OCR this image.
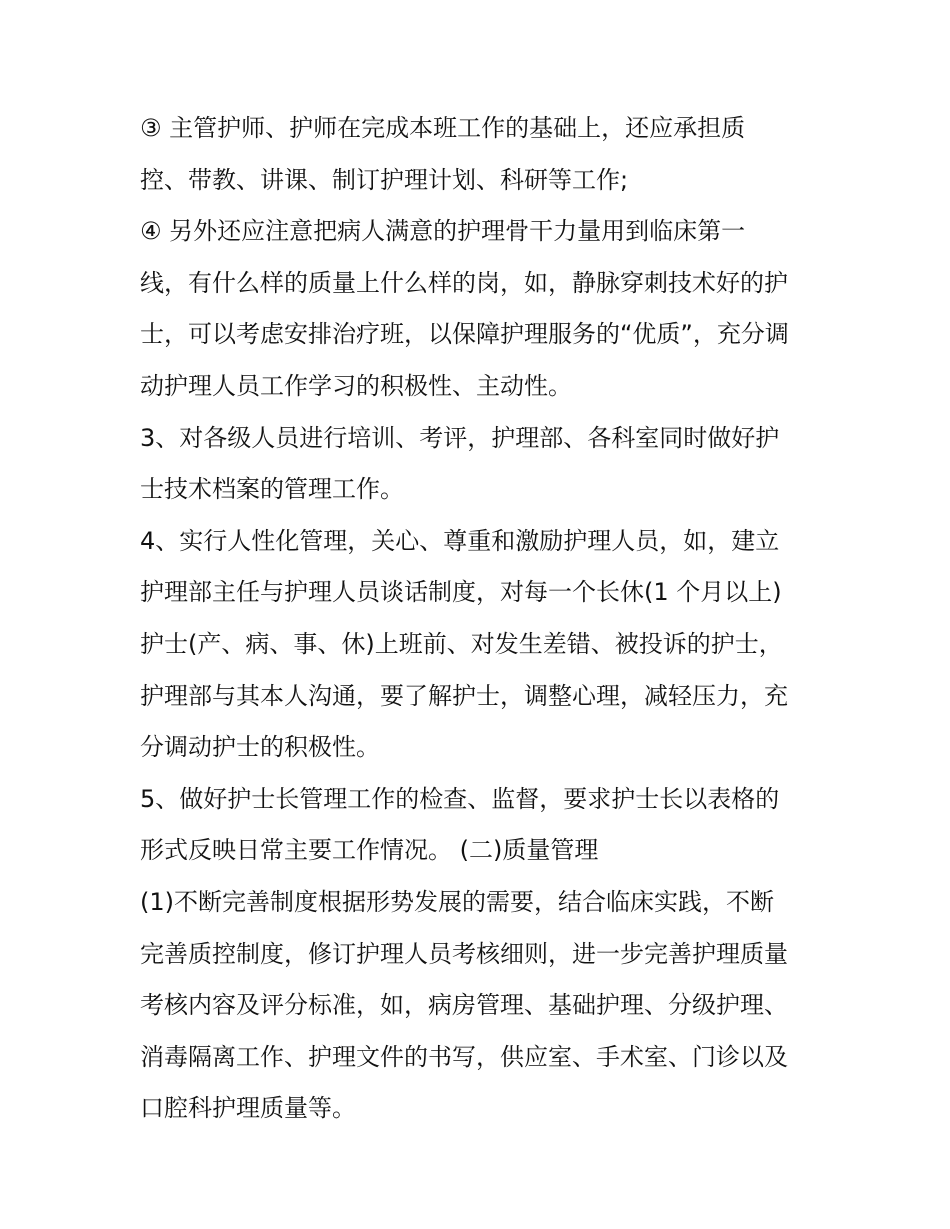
③ 主管护师、护师在完成本班工作的基础上，还应承担质
控、带教、讲课、制订护理计划、科研等工作;
④ 另外还应注意把病人满意的护理骨干力量用到临床第一
线，有什么样的质量上什么样的岗，如，静脉穿刺技术好的护
士，可以考虑安排治疗班，以保障护理服务的“优质”，充分调
动护理人员工作学习的积极性、主动性。
3、对各级人员进行培训、考评，护理部、各科室同时做好护
士技术档案的管理工作。
4、实行人性化管理，关心、尊重和激励护理人员，如，建立
护理部主任与护理人员谈话制度，对每一个长休(1 个月以上)
护士(产、病、事、休)上班前、对发生差错、被投诉的护士，
护理部与其本人沟通，要了解护士，调整心理，减轻压力，充
分调动护士的积极性。
5、做好护士长管理工作的检查、监督，要求护士长以表格的
形式反映日常主要工作情况。 (二)质量管理
(1)不断完善制度根据形势发展的需要，结合临床实践，不断
完善质控制度，修订护理人员考核细则，进一步完善护理质量
考核内容及评分标准，如，病房管理、基础护理、分级护理、
消毒隔离工作、护理文件的书写，供应室、手术室、门诊以及
口腔科护理质量等。
